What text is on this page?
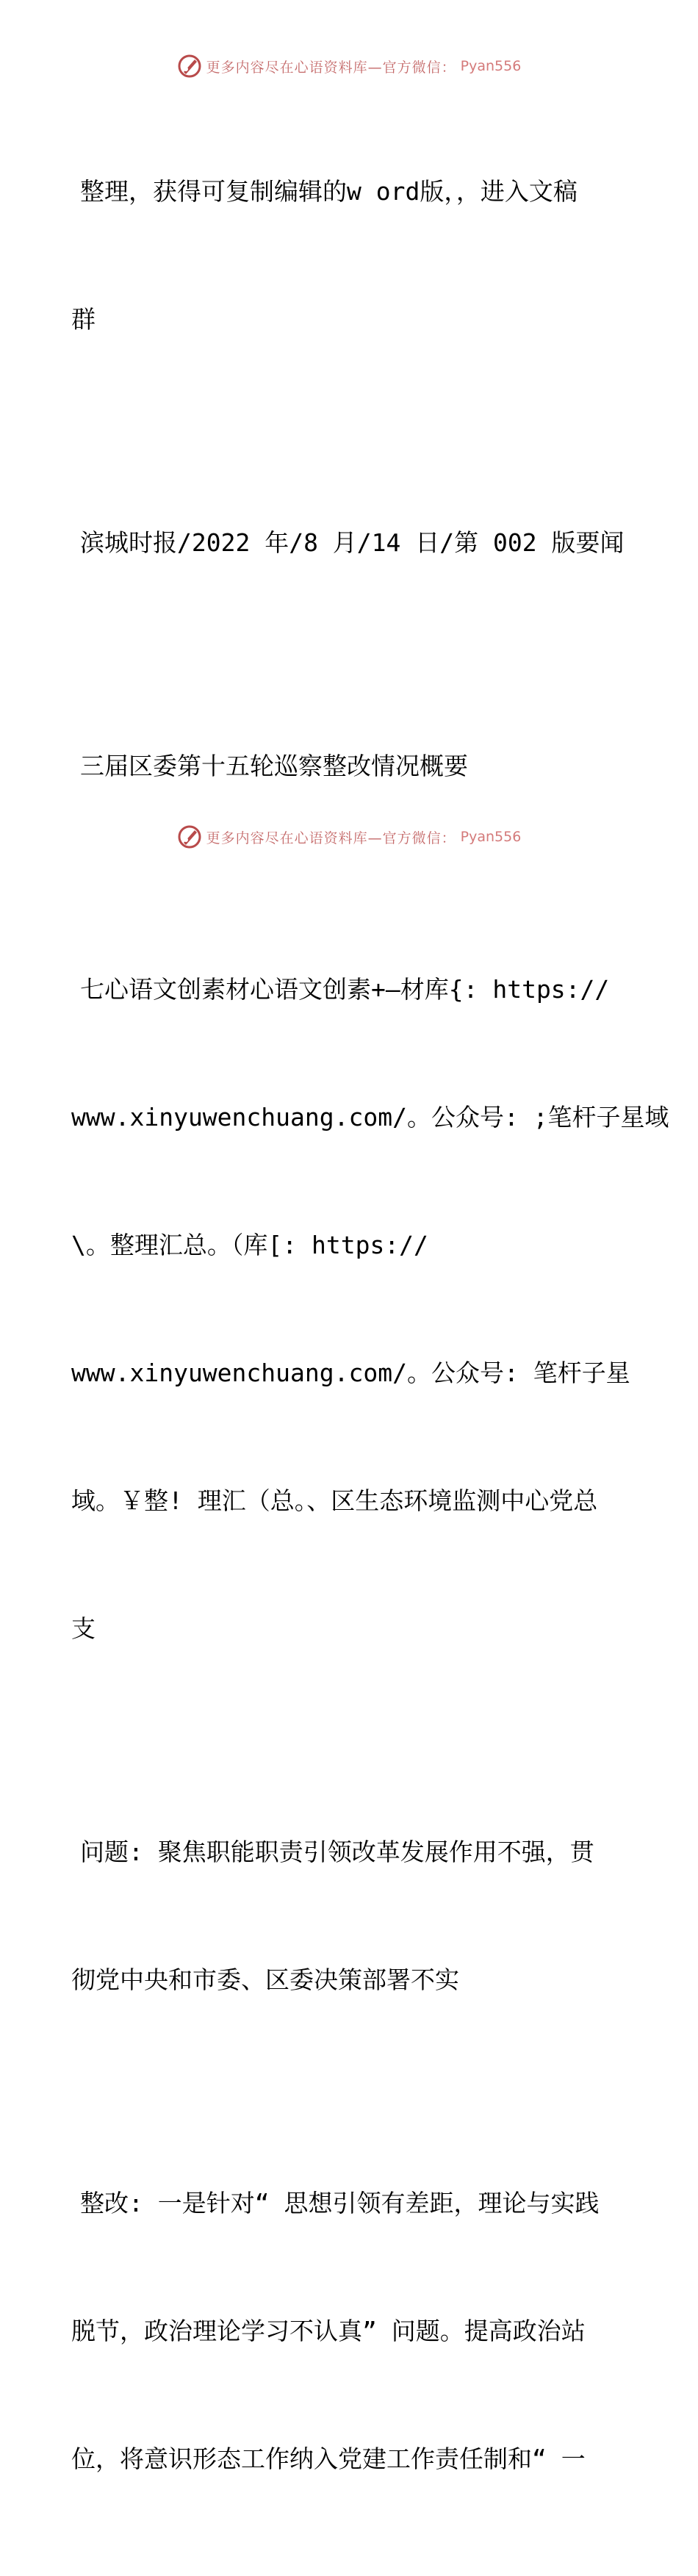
更多内容尽在心语资料库—官方微信： Pyan556

整理，获得可复制编辑的w ord版，，进入文稿

群

滨城时报/2022 年/8 月/14 日/第 002 版要闻

三届区委第十五轮巡察整改情况概要

七心语文创素材心语文创素+—材库{: https://

www.xinyuwenchuang.com/。公众号: ;笔杆子星域

\。整理汇总。（库[: https://

www.xinyuwenchuang.com/。公众号: 笔杆子星

域。￥整! 理汇（总。、区生态环境监测中心党总

支

问题: 聚焦职能职责引领改革发展作用不强，贯

彻党中央和市委、区委决策部署不实

整改: 一是针对“ 思想引领有差距，理论与实践

脱节，政治理论学习不认真” 问题。提高政治站

位，将意识形态工作纳入党建工作责任制和“ 一

更多内容尽在心语资料库—官方微信： Pyan556
